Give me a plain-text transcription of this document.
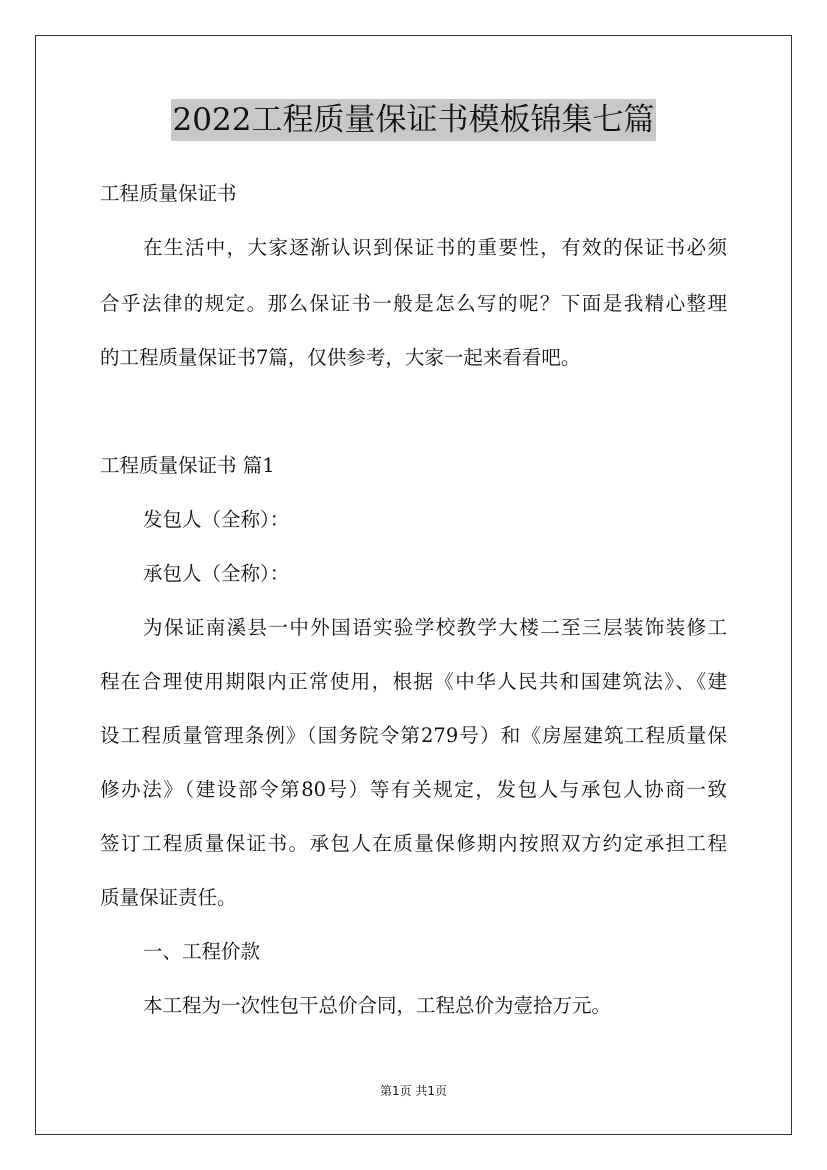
2022工程质量保证书模板锦集七篇
工程质量保证书
在生活中，大家逐渐认识到保证书的重要性，有效的保证书必须
合乎法律的规定。那么保证书一般是怎么写的呢？下面是我精心整理
的工程质量保证书7篇，仅供参考，大家一起来看看吧。
工程质量保证书 篇1
发包人（全称）：
承包人（全称）：
为保证南溪县一中外国语实验学校教学大楼二至三层装饰装修工
程在合理使用期限内正常使用，根据《中华人民共和国建筑法》、《建
设工程质量管理条例》（国务院令第279号）和《房屋建筑工程质量保
修办法》（建设部令第80号）等有关规定，发包人与承包人协商一致
签订工程质量保证书。承包人在质量保修期内按照双方约定承担工程
质量保证责任。
一、工程价款
本工程为一次性包干总价合同，工程总价为壹拾万元。
第1页 共1页
